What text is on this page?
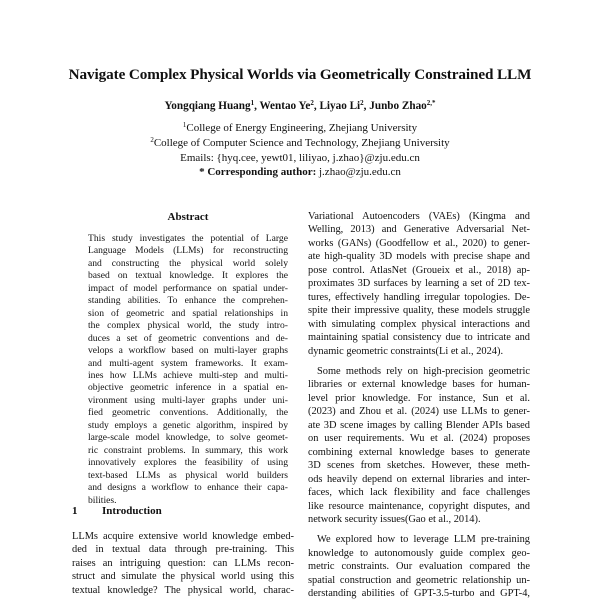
Navigate Complex Physical Worlds via Geometrically Constrained LLM
Yongqiang Huang$^1$, Wentao Ye$^2$, Liyao Li$^2$, Junbo Zhao$^{2,*}$
$^1$College of Energy Engineering, Zhejiang University
$^2$College of Computer Science and Technology, Zhejiang University
Emails: {hyq.cee, yewt01, liliyao, j.zhao}@zju.edu.cn
* Corresponding author: j.zhao@zju.edu.cn
Abstract
This study investigates the potential of Large
Language Models (LLMs) for reconstructing
and constructing the physical world solely
based on textual knowledge. It explores the
impact of model performance on spatial under-
standing abilities. To enhance the comprehen-
sion of geometric and spatial relationships in
the complex physical world, the study intro-
duces a set of geometric conventions and de-
velops a workflow based on multi-layer graphs
and multi-agent system frameworks. It exam-
ines how LLMs achieve multi-step and multi-
objective geometric inference in a spatial en-
vironment using multi-layer graphs under uni-
fied geometric conventions. Additionally, the
study employs a genetic algorithm, inspired by
large-scale model knowledge, to solve geomet-
ric constraint problems. In summary, this work
innovatively explores the feasibility of using
text-based LLMs as physical world builders
and designs a workflow to enhance their capa-
bilities.
1 Introduction
LLMs acquire extensive world knowledge embed-
ded in textual data through pre-training. This
raises an intriguing question: can LLMs recon-
struct and simulate the physical world using this
textual knowledge? The physical world, charac-
Variational Autoencoders (VAEs) (Kingma and
Welling, 2013) and Generative Adversarial Net-
works (GANs) (Goodfellow et al., 2020) to gener-
ate high-quality 3D models with precise shape and
pose control. AtlasNet (Groueix et al., 2018) ap-
proximates 3D surfaces by learning a set of 2D tex-
tures, effectively handling irregular topologies. De-
spite their impressive quality, these models struggle
with simulating complex physical interactions and
maintaining spatial consistency due to intricate and
dynamic geometric constraints(Li et al., 2024).
Some methods rely on high-precision geometric
libraries or external knowledge bases for human-
level prior knowledge. For instance, Sun et al.
(2023) and Zhou et al. (2024) use LLMs to gener-
ate 3D scene images by calling Blender APIs based
on user requirements. Wu et al. (2024) proposes
combining external knowledge bases to generate
3D scenes from sketches. However, these meth-
ods heavily depend on external libraries and inter-
faces, which lack flexibility and face challenges
like resource maintenance, copyright disputes, and
network security issues(Gao et al., 2014).
We explored how to leverage LLM pre-training
knowledge to autonomously guide complex geo-
metric constraints. Our evaluation compared the
spatial construction and geometric relationship un-
derstanding abilities of GPT-3.5-turbo and GPT-4,
